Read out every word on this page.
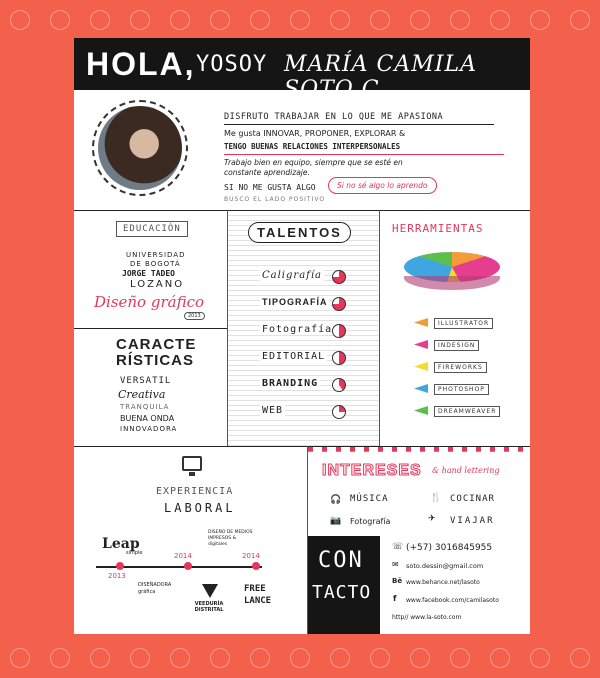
HOLA, YOSOY MARÍA CAMILA SOTO C.
DISFRUTO TRABAJAR EN LO QUE ME APASIONA
Me gusta INNOVAR, PROPONER, EXPLORAR &
TENGO BUENAS RELACIONES INTERPERSONALES
Trabajo bien en equipo, siempre que se esté en
constante aprendizaje.
SI NO ME GUSTA ALGO
BUSCO EL LADO POSITIVO
Si no sé algo lo aprendo
EDUCACIÓN
UNIVERSIDAD
DE BOGOTÁ
JORGE TADEO
LOZANO
Diseño gráfico
2013
CARACTE
RÍSTICAS
VERSATIL
Creativa
TRANQUILA
BUENA ONDA
INNOVADORA
TALENTOS	HERRAMIENTAS
EXPERIENCIA
LABORAL
Leap
simple
2013
2014	2014
DISEÑADORA gráfica
DISEÑO DE MEDIOS IMPRESOS & digitales
VEEDURÍA DISTRITAL
FREE
LANCE
INTERESES & hand lettering
🎧 MÚSICA	🍴 COCINAR
📷 Fotografía	✈ VIAJAR
CON
TACTO
☏ (+57) 3016845955
✉ soto.dessin@gmail.com
Bē www.behance.net/lasoto
f www.facebook.com/camilasoto
http// www.la-soto.com
Caligrafía
TIPOGRAFÍA
Fotografía
EDITORIAL
BRANDING
WEB
ILLUSTRATOR
INDESIGN
FIREWORKS
PHOTOSHOP
DREAMWEAVER
